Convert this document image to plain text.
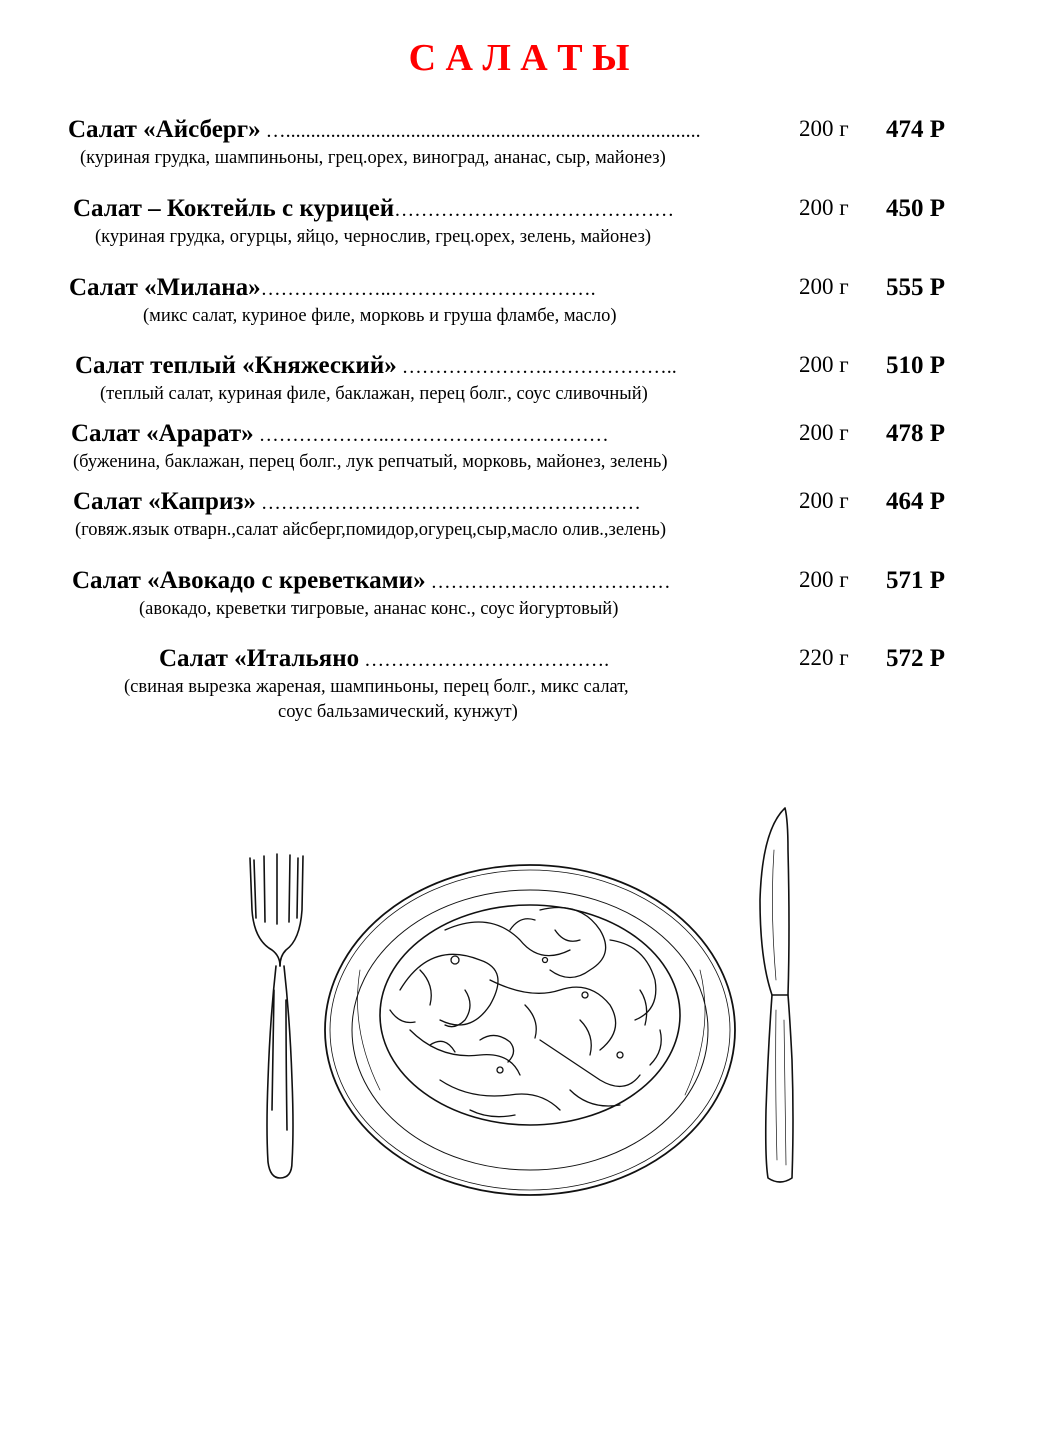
С А Л А Т Ы
Салат «Айсберг» …...................................................................................
(куриная грудка, шампиньоны, грец.орех, виноград, ананас, сыр, майонез)
200 г 474 Р
Салат – Коктейль с курицей……………………………………
(куриная грудка, огурцы, яйцо, чернослив, грец.орех, зелень, майонез)
200 г 450 Р
Салат «Милана»………………..………………………….
(микс салат, куриное филе, морковь и груша фламбе, масло)
200 г 555 Р
Салат теплый «Княжеский» ………………….………………..
(теплый салат, куриная филе, баклажан, перец болг., соус сливочный)
200 г 510 Р
Салат «Арарат» ………………..……………………………
(буженина, баклажан, перец болг., лук репчатый, морковь, майонез, зелень)
200 г 478 Р
Салат «Каприз» …………………………………………………
(говяж.язык отварн.,салат айсберг,помидор,огурец,сыр,масло олив.,зелень)
200 г 464 Р
Салат «Авокадо с креветками» ………………………………
(авокадо, креветки тигровые, ананас конс., соус йогуртовый)
200 г 571 Р
Салат «Итальяно ……………………………….
(свиная вырезка жареная, шампиньоны, перец болг., микс салат,
соус бальзамический, кунжут)
220 г 572 Р
